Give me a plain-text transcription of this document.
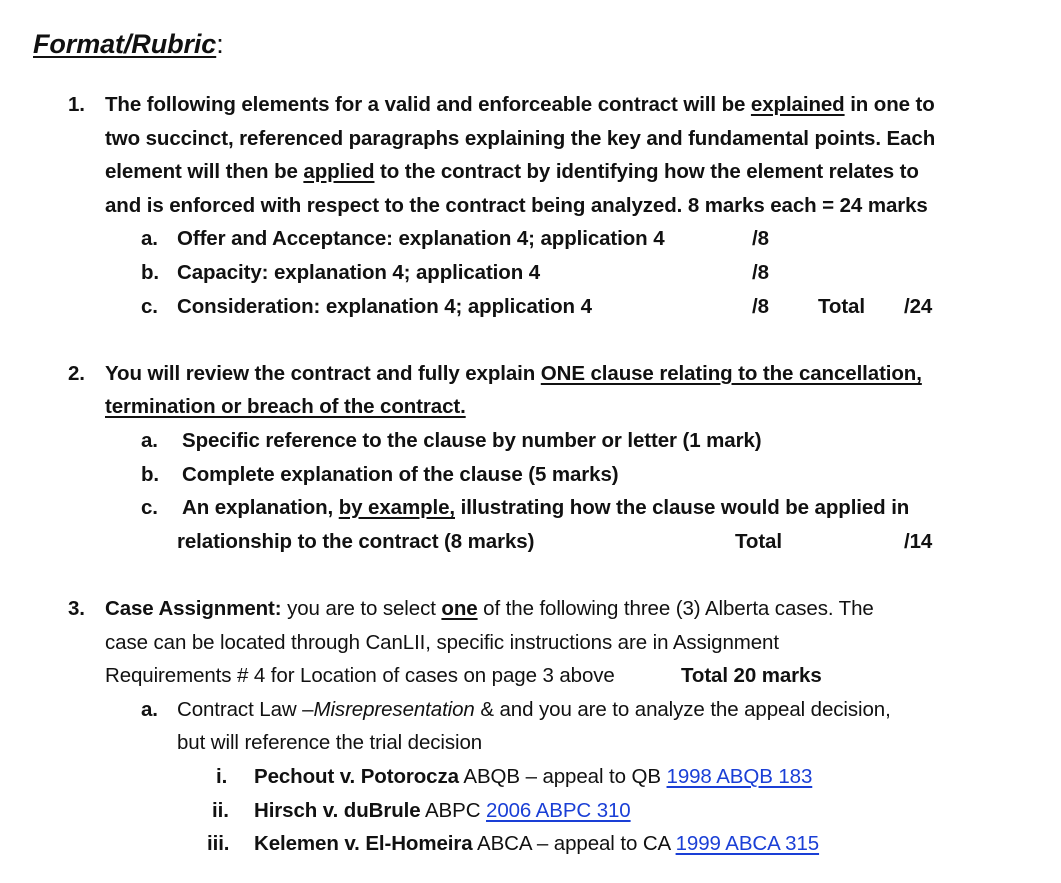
Format/Rubric:
1. The following elements for a valid and enforceable contract will be explained in one to
two succinct, referenced paragraphs explaining the key and fundamental points. Each
element will then be applied to the contract by identifying how the element relates to
and is enforced with respect to the contract being analyzed. 8 marks each = 24 marks
a. Offer and Acceptance: explanation 4; application 4	/8
b. Capacity: explanation 4; application 4	/8
c. Consideration: explanation 4; application 4	/8 Total /24
2. You will review the contract and fully explain ONE clause relating to the cancellation,
termination or breach of the contract.
a. Specific reference to the clause by number or letter (1 mark)
b. Complete explanation of the clause (5 marks)
c. An explanation, by example, illustrating how the clause would be applied in
relationship to the contract (8 marks)	Total	/14
3. Case Assignment: you are to select one of the following three (3) Alberta cases. The
case can be located through CanLII, specific instructions are in Assignment
Requirements # 4 for Location of cases on page 3 above	Total 20 marks
a. Contract Law –Misrepresentation & and you are to analyze the appeal decision,
but will reference the trial decision
i. Pechout v. Potorocza ABQB – appeal to QB 1998 ABQB 183
ii. Hirsch v. duBrule ABPC 2006 ABPC 310
iii. Kelemen v. El-Homeira ABCA – appeal to CA 1999 ABCA 315
